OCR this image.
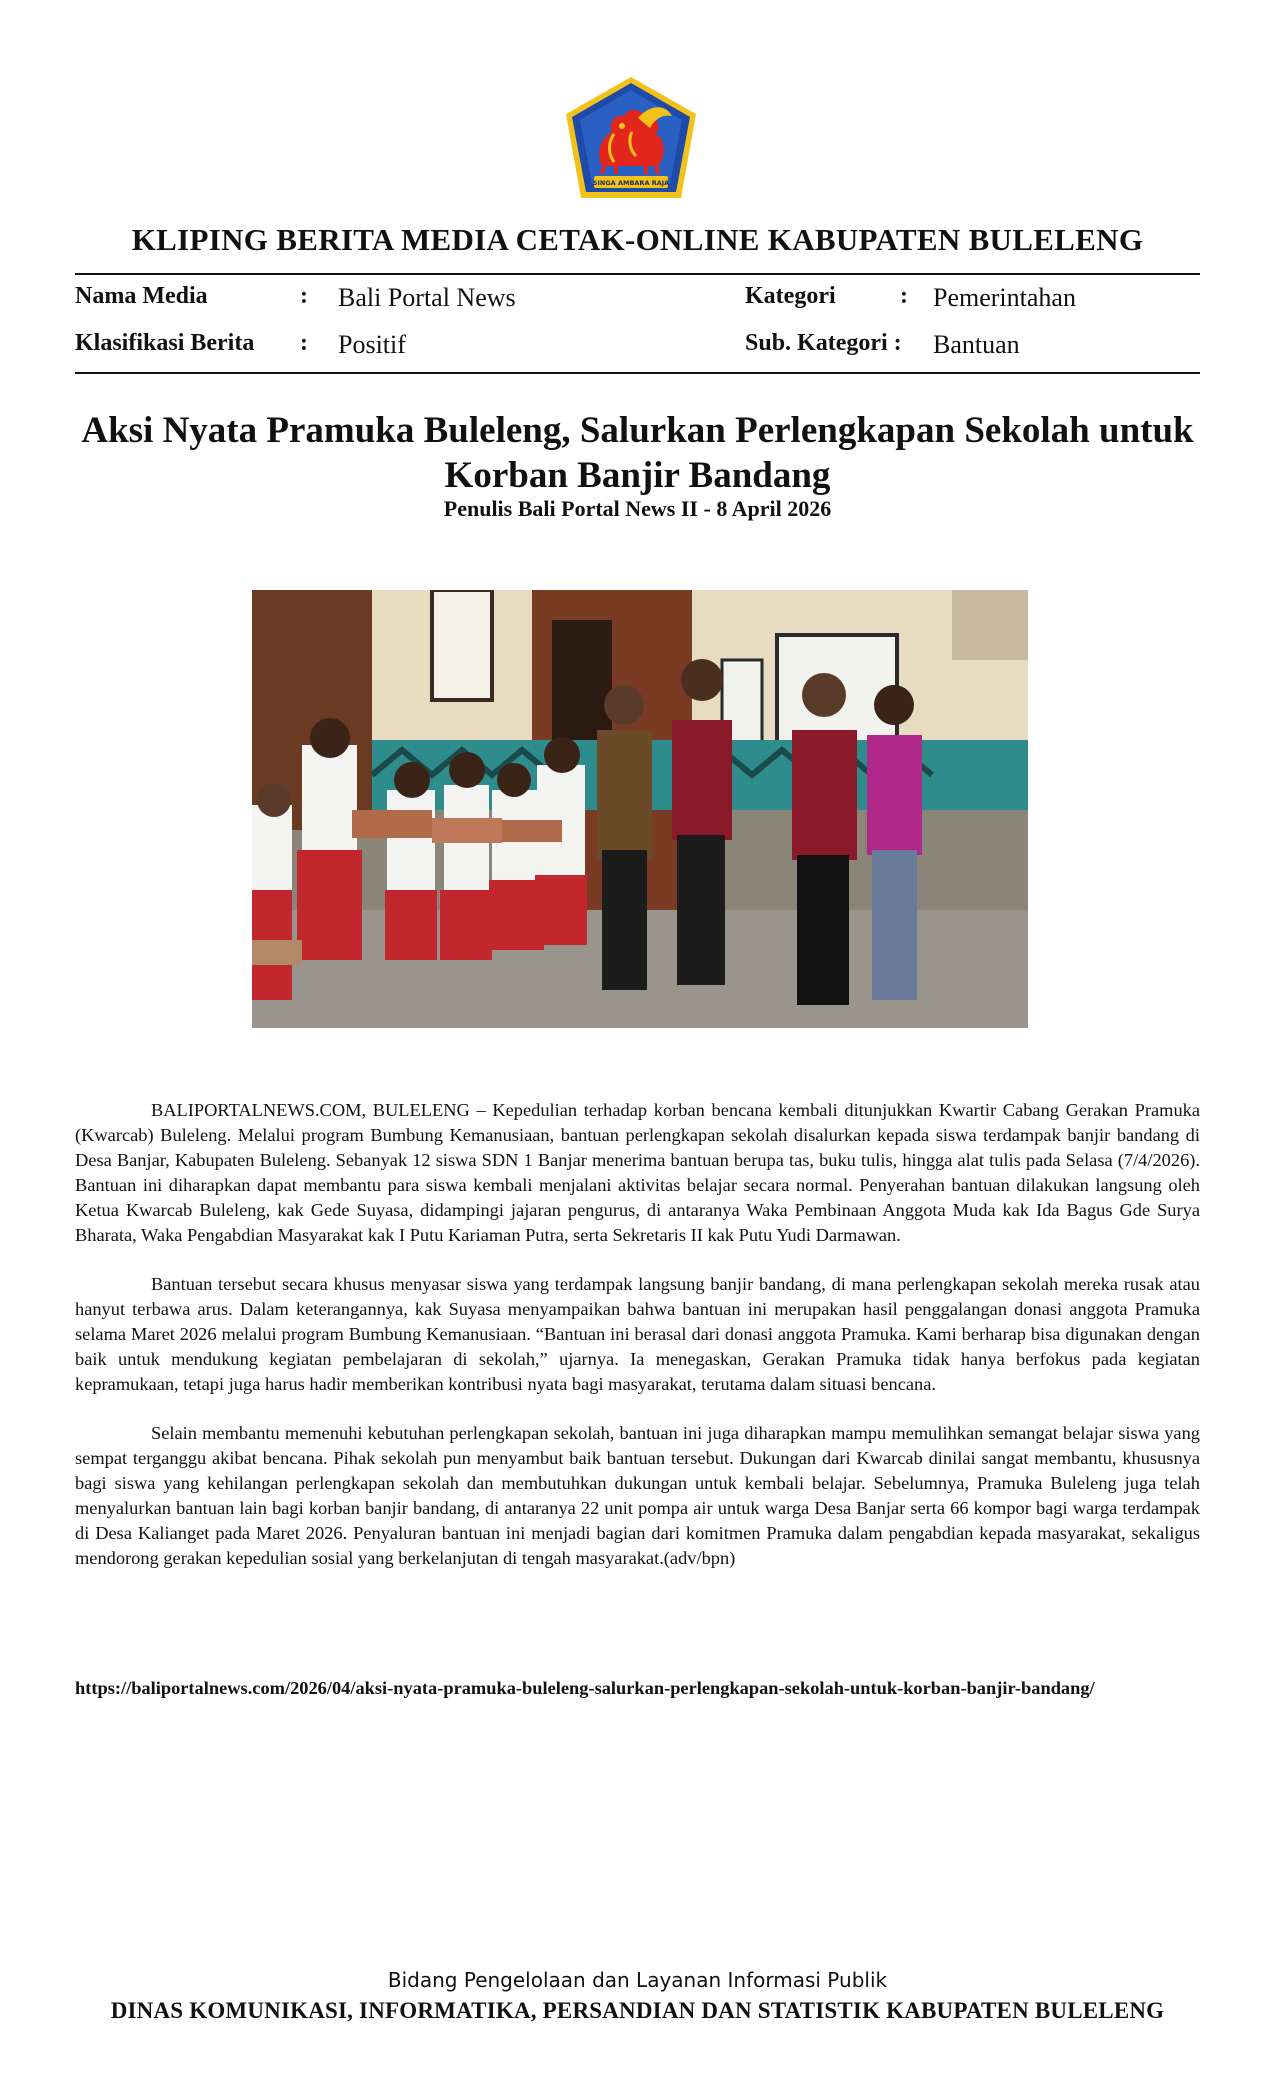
SINGA AMBARA RAJA
KLIPING BERITA MEDIA CETAK-ONLINE KABUPATEN BULELENG
Nama Media	: Bali Portal News
Klasifikasi Berita : Positif
Kategori	: Pemerintahan
Sub. Kategori : Bantuan
Aksi Nyata Pramuka Buleleng, Salurkan Perlengkapan Sekolah untuk Korban Banjir Bandang
Penulis Bali Portal News II - 8 April 2026

BALIPORTALNEWS.COM, BULELENG – Kepedulian terhadap korban bencana kembali ditunjukkan Kwartir Cabang Gerakan Pramuka (Kwarcab) Buleleng. Melalui program Bumbung Kemanusiaan, bantuan perlengkapan sekolah disalurkan kepada siswa terdampak banjir bandang di Desa Banjar, Kabupaten Buleleng. Sebanyak 12 siswa SDN 1 Banjar menerima bantuan berupa tas, buku tulis, hingga alat tulis pada Selasa (7/4/2026). Bantuan ini diharapkan dapat membantu para siswa kembali menjalani aktivitas belajar secara normal. Penyerahan bantuan dilakukan langsung oleh Ketua Kwarcab Buleleng, kak Gede Suyasa, didampingi jajaran pengurus, di antaranya Waka Pembinaan Anggota Muda kak Ida Bagus Gde Surya Bharata, Waka Pengabdian Masyarakat kak I Putu Kariaman Putra, serta Sekretaris II kak Putu Yudi Darmawan.

Bantuan tersebut secara khusus menyasar siswa yang terdampak langsung banjir bandang, di mana perlengkapan sekolah mereka rusak atau hanyut terbawa arus. Dalam keterangannya, kak Suyasa menyampaikan bahwa bantuan ini merupakan hasil penggalangan donasi anggota Pramuka selama Maret 2026 melalui program Bumbung Kemanusiaan. “Bantuan ini berasal dari donasi anggota Pramuka. Kami berharap bisa digunakan dengan baik untuk mendukung kegiatan pembelajaran di sekolah,” ujarnya. Ia menegaskan, Gerakan Pramuka tidak hanya berfokus pada kegiatan kepramukaan, tetapi juga harus hadir memberikan kontribusi nyata bagi masyarakat, terutama dalam situasi bencana.

Selain membantu memenuhi kebutuhan perlengkapan sekolah, bantuan ini juga diharapkan mampu memulihkan semangat belajar siswa yang sempat terganggu akibat bencana. Pihak sekolah pun menyambut baik bantuan tersebut. Dukungan dari Kwarcab dinilai sangat membantu, khususnya bagi siswa yang kehilangan perlengkapan sekolah dan membutuhkan dukungan untuk kembali belajar. Sebelumnya, Pramuka Buleleng juga telah menyalurkan bantuan lain bagi korban banjir bandang, di antaranya 22 unit pompa air untuk warga Desa Banjar serta 66 kompor bagi warga terdampak di Desa Kalianget pada Maret 2026. Penyaluran bantuan ini menjadi bagian dari komitmen Pramuka dalam pengabdian kepada masyarakat, sekaligus mendorong gerakan kepedulian sosial yang berkelanjutan di tengah masyarakat.(adv/bpn)

https://baliportalnews.com/2026/04/aksi-nyata-pramuka-buleleng-salurkan-perlengkapan-sekolah-untuk-korban-banjir-bandang/
Bidang Pengelolaan dan Layanan Informasi Publik
DINAS KOMUNIKASI, INFORMATIKA, PERSANDIAN DAN STATISTIK KABUPATEN BULELENG
